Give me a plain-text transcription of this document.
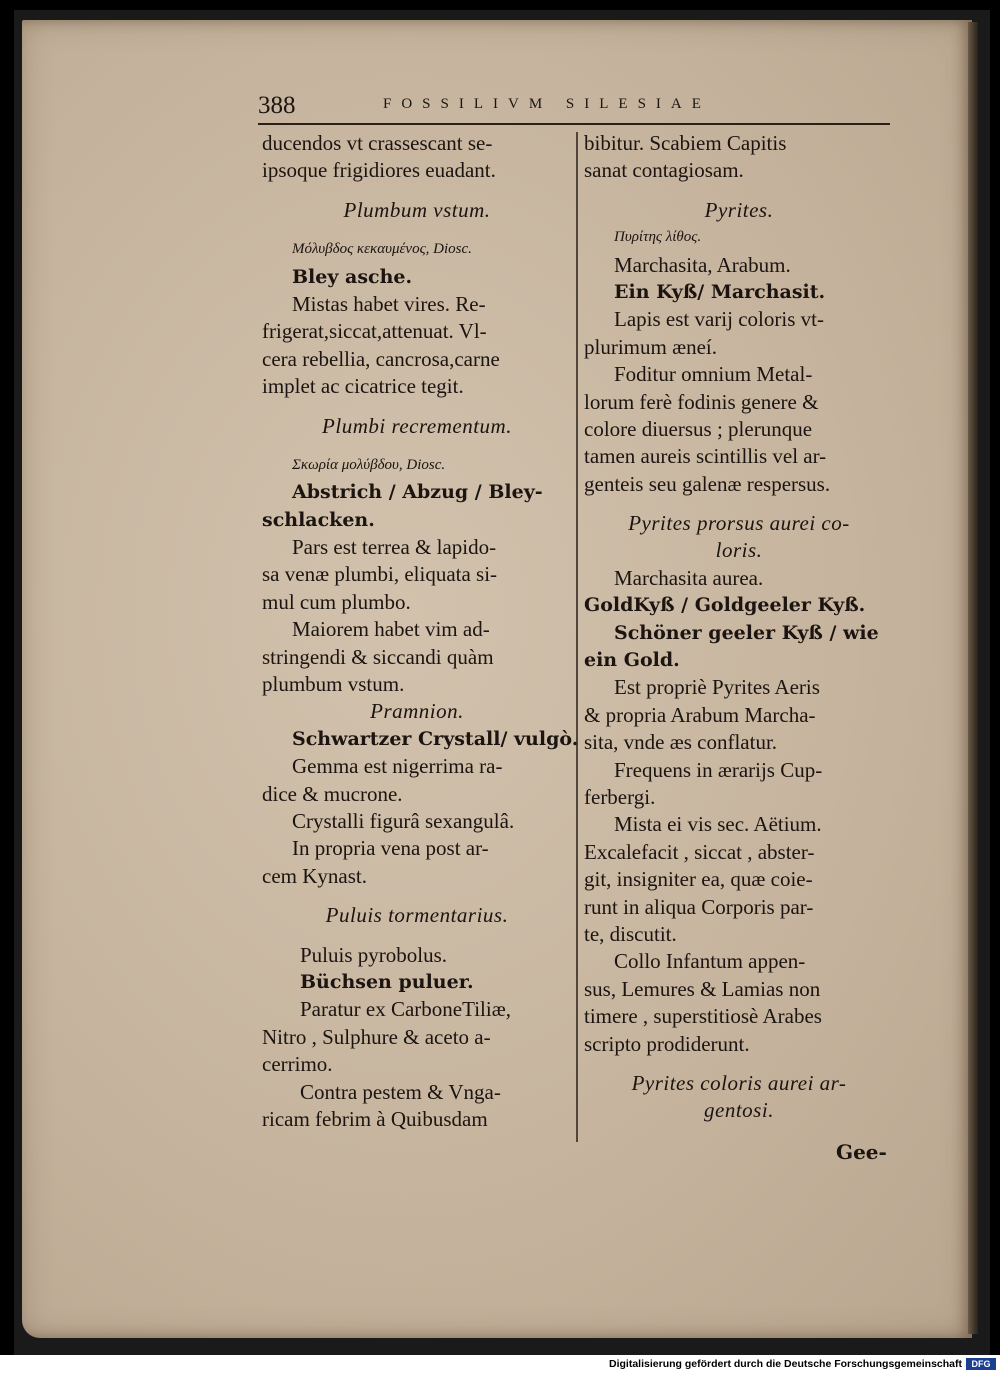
388	FOSSILIVM SILESIAE
ducendos vt crassescant se-
ipsoque frigidiores euadant.
Plumbum vstum.
Μόλυβδος κεκαυμένος, Diosc.
Bley asche.
Mistas habet vires. Re-
frigerat,siccat,attenuat. Vl-
cera rebellia, cancrosa,carne
implet ac cicatrice tegit.
Plumbi recrementum.
Σκωρία μολύβδου, Diosc.
Abstrich / Abzug / Bley-
schlacken.
Pars est terrea & lapido-
sa venæ plumbi, eliquata si-
mul cum plumbo.
Maiorem habet vim ad-
stringendi & siccandi quàm
plumbum vstum.
Pramnion.
Schwartzer Crystall/ vulgò.
Gemma est nigerrima ra-
dice & mucrone.
Crystalli figurâ sexangulâ.
In propria vena post ar-
cem Kynast.
Puluis tormentarius.
Puluis pyrobolus.
Büchsen puluer.
Paratur ex CarboneTiliæ,
Nitro , Sulphure & aceto a-
cerrimo.
Contra pestem & Vnga-
ricam febrim à Quibusdam
bibitur. Scabiem Capitis
sanat contagiosam.
Pyrites.
Πυρίτης λίθος.
Marchasita, Arabum.
Ein Kyß/ Marchasit.
Lapis est varij coloris vt-
plurimum æneí.
Foditur omnium Metal-
lorum ferè fodinis genere &
colore diuersus ; plerunque
tamen aureis scintillis vel ar-
genteis seu galenæ respersus.
Pyrites prorsus aurei co-
loris.
Marchasita aurea.
GoldKyß / Goldgeeler Kyß.
Schöner geeler Kyß / wie
ein Gold.
Est propriè Pyrites Aeris
& propria Arabum Marcha-
sita, vnde æs conflatur.
Frequens in ærarijs Cup-
ferbergi.
Mista ei vis sec. Aëtium.
Excalefacit , siccat , abster-
git, insigniter ea, quæ coie-
runt in aliqua Corporis par-
te, discutit.
Collo Infantum appen-
sus, Lemures & Lamias non
timere , superstitiosè Arabes
scripto prodiderunt.
Pyrites coloris aurei ar-
gentosi.
Gee-
Digitalisierung gefördert durch die Deutsche Forschungsgemeinschaft	DFG
